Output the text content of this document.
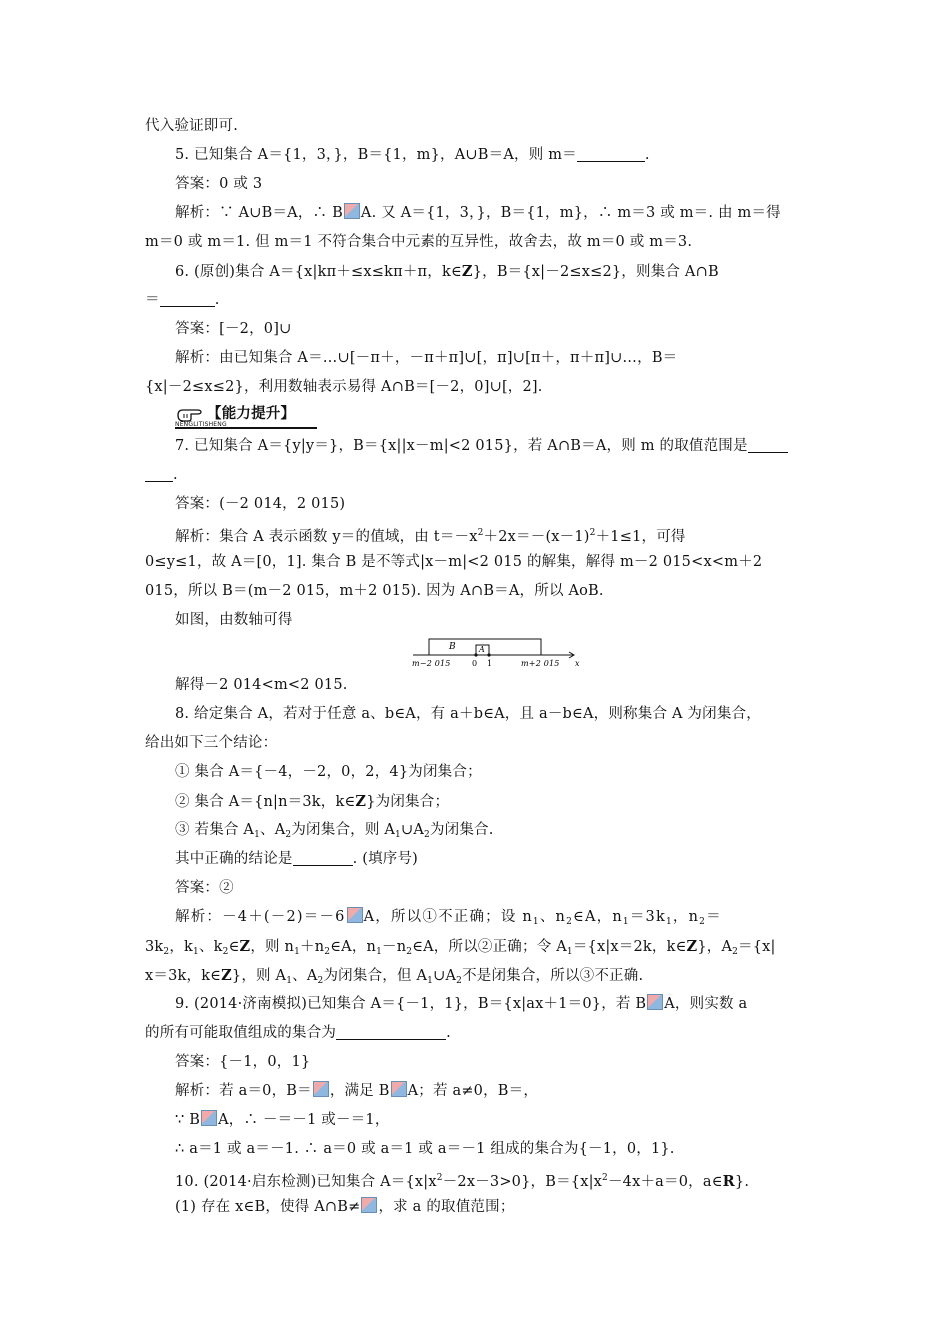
代入验证即可.
5. 已知集合 A＝{1，3，}，B＝{1，m}，A∪B＝A，则 m＝	.
答案：0 或 3
解析：∵ A∪B＝A，∴ B A. 又 A＝{1，3，}，B＝{1，m}，∴ m＝3 或 m＝. 由 m＝得
m＝0 或 m＝1. 但 m＝1 不符合集合中元素的互异性，故舍去，故 m＝0 或 m＝3.
6. (原创)集合 A＝{x|kπ＋≤x≤kπ＋π，k∈Z}，B＝{x|－2≤x≤2}，则集合 A∩B
＝	.
答案：[－2，0]∪
解析：由已知集合 A＝…∪[－π＋，－π＋π]∪[，π]∪[π＋，π＋π]∪…，B＝
{x|－2≤x≤2}，利用数轴表示易得 A∩B＝[－2，0]∪[，2].
【能力提升】
NENGLITISHENG
7. 已知集合 A＝{y|y＝}，B＝{x||x－m|<2 015}，若 A∩B＝A，则 m 的取值范围是
.
答案：(－2 014，2 015)
解析：集合 A 表示函数 y＝的值域，由 $t=-x^2+2x=-(x-1)^2+1\le 1$，可得
0≤y≤1，故 A＝[0，1]. 集合 B 是不等式|x－m|<2 015 的解集，解得 m－2 015<x<m＋2
015，所以 B＝(m－2 015，m＋2 015). 因为 A∩B＝A，所以 AoB.
如图，由数轴可得
B	A
m−2 015	0 1	m+2 015 x
解得－2 014<m<2 015.
8. 给定集合 A，若对于任意 a、b∈A，有 a＋b∈A，且 a－b∈A，则称集合 A 为闭集合，
给出如下三个结论：
① 集合 A＝{－4，－2，0，2，4}为闭集合；
② 集合 A＝{n|n＝3k，k∈Z}为闭集合；
③ 若集合 $A_1$、$A_2$为闭集合，则 $A_1\cup A_2$为闭集合.
其中正确的结论是	. (填序号)
答案：②
解析：－4＋(－2)＝－6 A，所以①不正确；设 $n_1$、$n_2\in A$，$n_1=3k_1$，$n_2=$
$3k_2$，$k_1$、$k_2\in Z$，则 $n_1+n_2\in A$，$n_1-n_2\in A$，所以②正确；令 $A_1=\{x|x=2k$，k∈Z}，$A_2=\{x|$
x＝3k，k∈Z}，则 $A_1$、$A_2$为闭集合，但 $A_1\cup A_2$不是闭集合，所以③不正确.
9. (2014·济南模拟)已知集合 A＝{－1，1}，B＝{x|ax＋1＝0}，若 B A，则实数 a
的所有可能取值组成的集合为	.
答案：{－1，0，1}
解析：若 a＝0，B＝ ，满足 B A；若 a≠0，B＝，
∵ B A，∴ －＝－1 或－＝1，
∴ a＝1 或 a＝－1. ∴ a＝0 或 a＝1 或 a＝－1 组成的集合为{－1，0，1}.
10. (2014·启东检测)已知集合 $A=\{x|x^2-2x-3>0\}$，$B=\{x|x^2-4x+a=0$，a∈R}.
(1) 存在 x∈B，使得 A∩B≠ ，求 a 的取值范围；
